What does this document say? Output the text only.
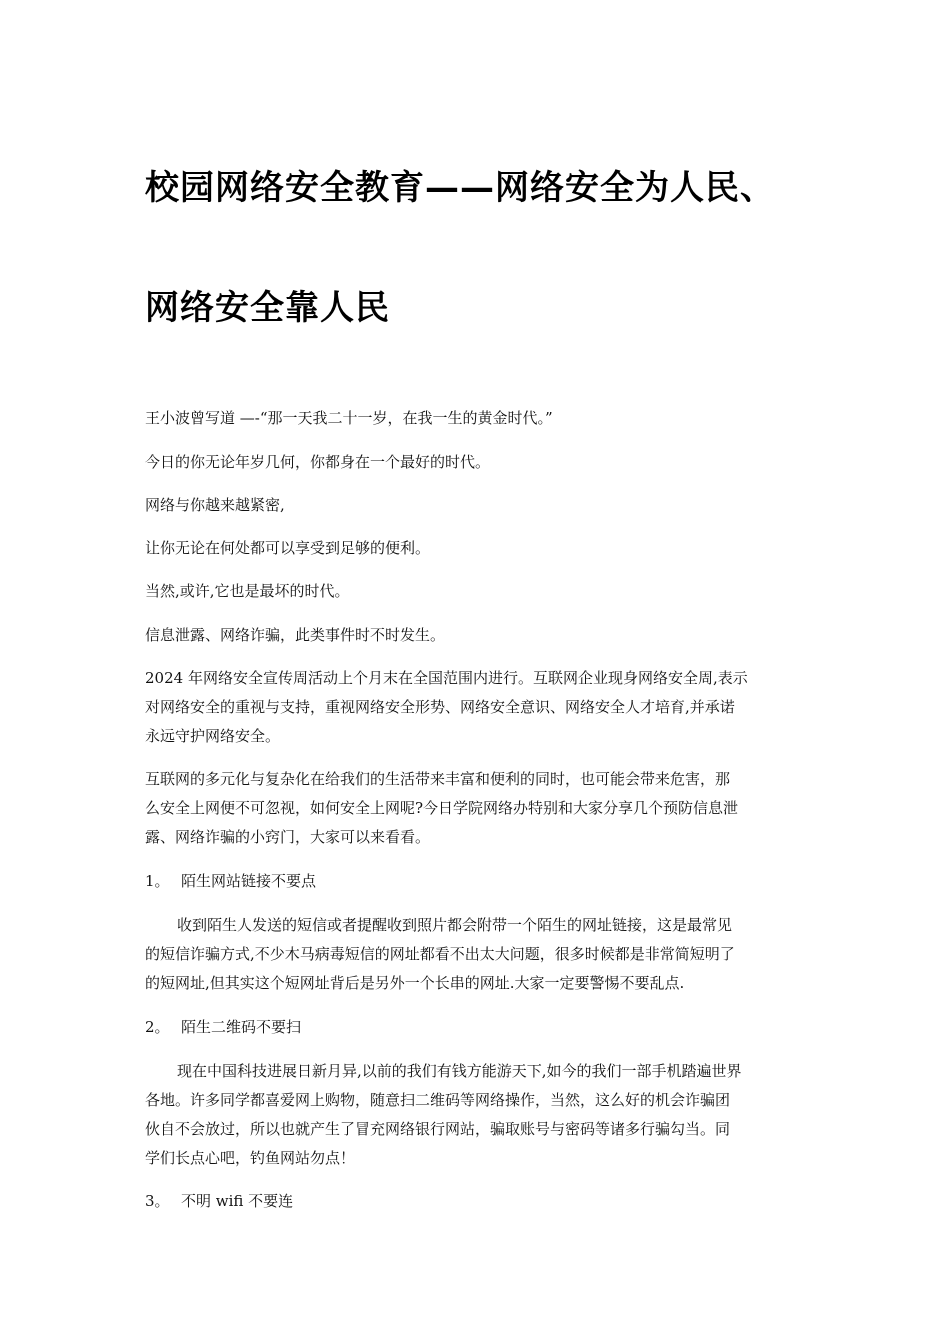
校园网络安全教育——网络安全为人民、
网络安全靠人民
王小波曾写道 —-“那一天我二十一岁，在我一生的黄金时代。”
今日的你无论年岁几何，你都身在一个最好的时代。
网络与你越来越紧密,
让你无论在何处都可以享受到足够的便利。
当然,或许,它也是最坏的时代。
信息泄露、网络诈骗，此类事件时不时发生。
2024 年网络安全宣传周活动上个月末在全国范围内进行。互联网企业现身网络安全周,表示
对网络安全的重视与支持，重视网络安全形势、网络安全意识、网络安全人才培育,并承诺
永远守护网络安全。
互联网的多元化与复杂化在给我们的生活带来丰富和便利的同时，也可能会带来危害，那
么安全上网便不可忽视，如何安全上网呢?今日学院网络办特别和大家分享几个预防信息泄
露、网络诈骗的小窍门，大家可以来看看。
1。 陌生网站链接不要点
收到陌生人发送的短信或者提醒收到照片都会附带一个陌生的网址链接，这是最常见
的短信诈骗方式,不少木马病毒短信的网址都看不出太大问题，很多时候都是非常简短明了
的短网址,但其实这个短网址背后是另外一个长串的网址.大家一定要警惕不要乱点.
2。 陌生二维码不要扫
现在中国科技进展日新月异,以前的我们有钱方能游天下,如今的我们一部手机踏遍世界
各地。许多同学都喜爱网上购物，随意扫二维码等网络操作，当然，这么好的机会诈骗团
伙自不会放过，所以也就产生了冒充网络银行网站，骗取账号与密码等诸多行骗勾当。同
学们长点心吧，钓鱼网站勿点！
3。 不明 wifi 不要连
